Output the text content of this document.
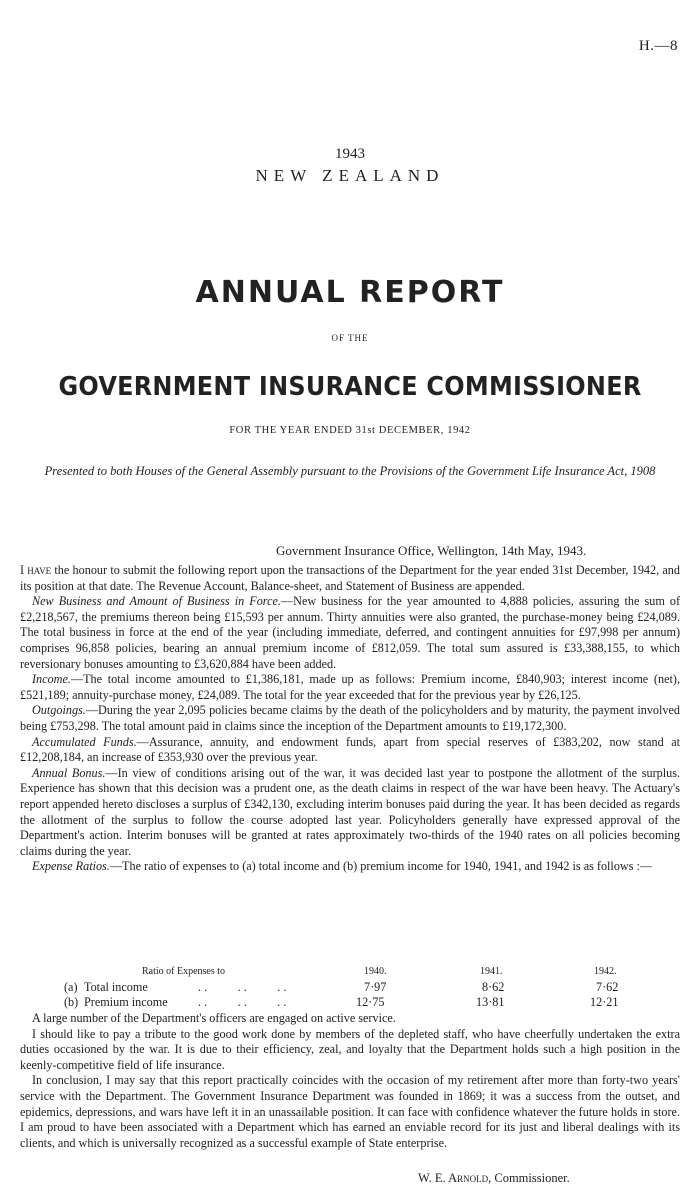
H.—8
1943
NEW ZEALAND
ANNUAL REPORT
OF THE
GOVERNMENT INSURANCE COMMISSIONER
FOR THE YEAR ENDED 31st DECEMBER, 1942
Presented to both Houses of the General Assembly pursuant to the Provisions of the Government Life Insurance Act, 1908
Government Insurance Office, Wellington, 14th May, 1943.

I have the honour to submit the following report upon the transactions of the Department for the year ended 31st December, 1942, and its position at that date. The Revenue Account, Balance-sheet, and Statement of Business are appended.

New Business and Amount of Business in Force.—New business for the year amounted to 4,888 policies, assuring the sum of £2,218,567, the premiums thereon being £15,593 per annum. Thirty annuities were also granted, the purchase-money being £24,089. The total business in force at the end of the year (including immediate, deferred, and contingent annuities for £97,998 per annum) comprises 96,858 policies, bearing an annual premium income of £812,059. The total sum assured is £33,388,155, to which reversionary bonuses amounting to £3,620,884 have been added.

Income.—The total income amounted to £1,386,181, made up as follows: Premium income, £840,903; interest income (net), £521,189; annuity-purchase money, £24,089. The total for the year exceeded that for the previous year by £26,125.

Outgoings.—During the year 2,095 policies became claims by the death of the policyholders and by maturity, the payment involved being £753,298. The total amount paid in claims since the inception of the Department amounts to £19,172,300.

Accumulated Funds.—Assurance, annuity, and endowment funds, apart from special reserves of £383,202, now stand at £12,208,184, an increase of £353,930 over the previous year.

Annual Bonus.—In view of conditions arising out of the war, it was decided last year to postpone the allotment of the surplus. Experience has shown that this decision was a prudent one, as the death claims in respect of the war have been heavy. The Actuary's report appended hereto discloses a surplus of £342,130, excluding interim bonuses paid during the year. It has been decided as regards the allotment of the surplus to follow the course adopted last year. Policyholders generally have expressed approval of the Department's action. Interim bonuses will be granted at rates approximately two-thirds of the 1940 rates on all policies becoming claims during the year.

Expense Ratios.—The ratio of expenses to (a) total income and (b) premium income for 1940, 1941, and 1942 is as follows :—

Ratio of Expenses to	1940.	1941.	1942.
(a) Total income	. .          . .          . .	7·97	8·62	7·62
(b) Premium income . .          . .          . .	12·75	13·81	12·21

A large number of the Department's officers are engaged on active service.

I should like to pay a tribute to the good work done by members of the depleted staff, who have cheerfully undertaken the extra duties occasioned by the war. It is due to their efficiency, zeal, and loyalty that the Department holds such a high position in the keenly-competitive field of life insurance.

In conclusion, I may say that this report practically coincides with the occasion of my retirement after more than forty-two years' service with the Department. The Government Insurance Department was founded in 1869; it was a success from the outset, and epidemics, depressions, and wars have left it in an unassailable position. It can face with confidence whatever the future holds in store. I am proud to have been associated with a Department which has earned an enviable record for its just and liberal dealings with its clients, and which is universally recognized as a successful example of State enterprise.

W. E. Arnold, Commissioner.
